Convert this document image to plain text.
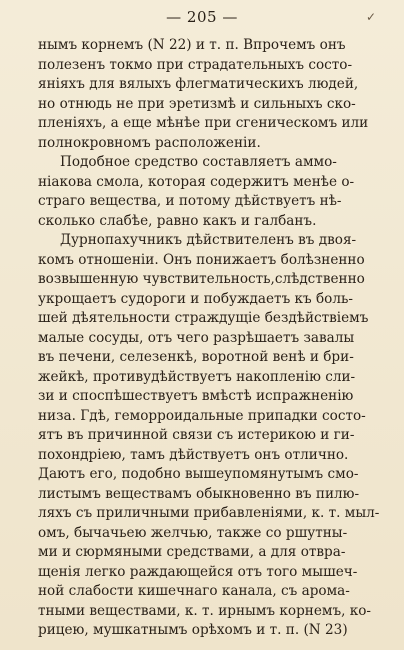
— 205 —	✓
нымъ корнемъ (N 22) и т. п. Впрочемъ онъ
полезенъ токмо при страдательныхъ состо-
яніяхъ для вялыхъ флегматическихъ людей,
но отнюдь не при эретизмѣ и сильныхъ ско-
пленіяхъ, а еще мѣнѣе при сгеническомъ или
полнокровномъ расположеніи.
Подобное средство составляетъ аммо-
ніакова смола, которая содержитъ менѣе о-
страго вещества, и потому дѣйствуетъ нѣ-
сколько слабѣе, равно какъ и галбанъ.
Дурнопахучникъ дѣйствителенъ въ двоя-
комъ отношеніи. Онъ понижаетъ болѣзненно
возвышенную чувствительность,слѣдственно
укрощаетъ судороги и побуждаетъ къ боль-
шей дѣятельности страждущіе бездѣйствіемъ
малые сосуды, отъ чего разрѣшаетъ завалы
въ печени, селезенкѣ, воротной венѣ и бри-
жейкѣ, противудѣйствуетъ накопленію сли-
зи и споспѣшествуетъ вмѣстѣ испражненію
низа. Гдѣ, геморроидальные припадки состо-
ятъ въ причинной связи съ истерикою и ги-
похондріею, тамъ дѣйствуетъ онъ отлично.
Даютъ его, подобно вышеупомянутымъ смо-
листымъ веществамъ обыкновенно въ пилю-
ляхъ съ приличными прибавленіями, к. т. мыл-
омъ, бычачьею желчью, также со ршутны-
ми и сюрмяными средствами, а для отвра-
щенія легко раждающейся отъ того мышеч-
ной слабости кишечнаго канала, съ арома-
тными веществами, к. т. ирнымъ корнемъ, ко-
рицею, мушкатнымъ орѣхомъ и т. п. (N 23)
